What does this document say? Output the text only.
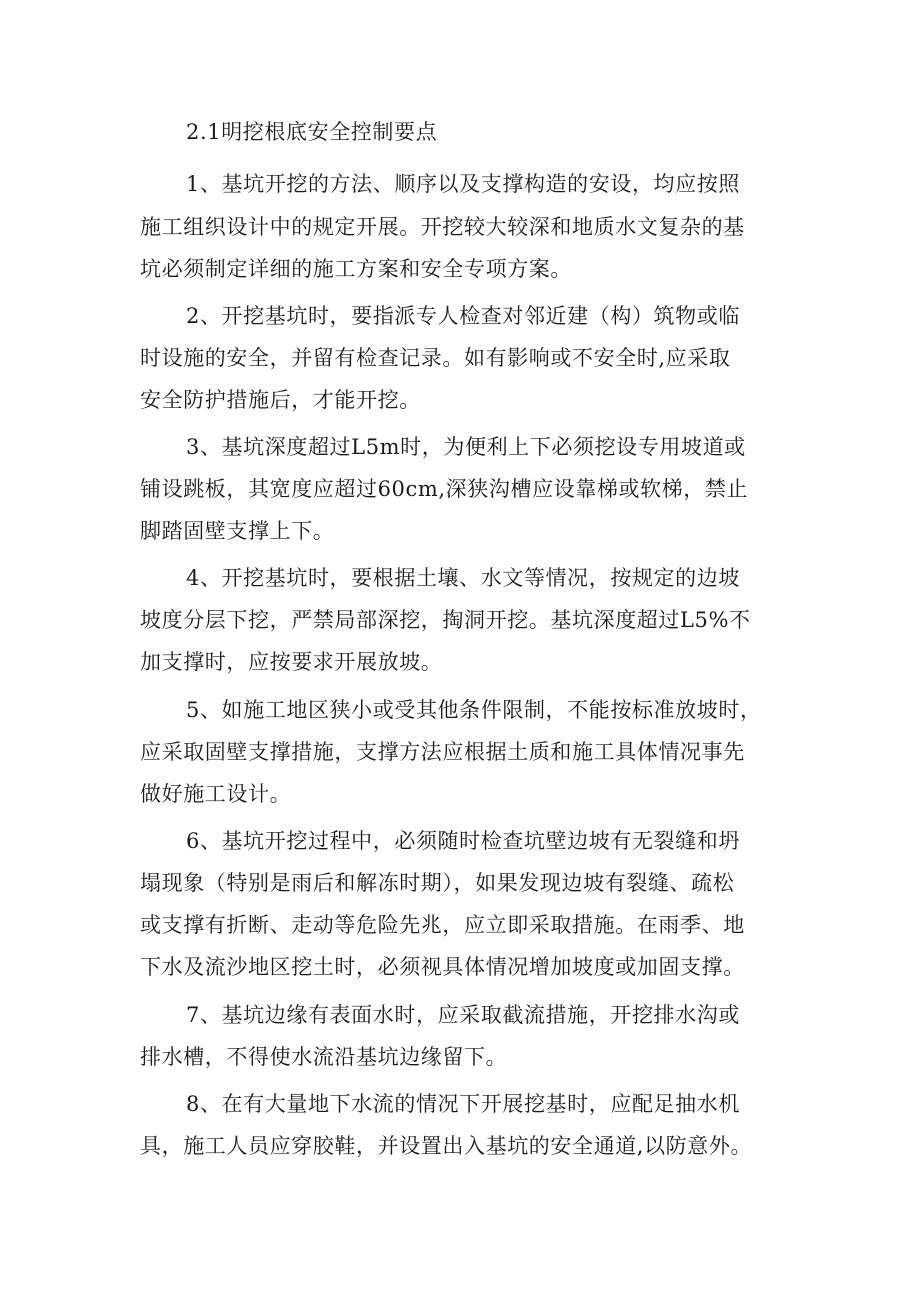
2.1明挖根底安全控制要点
1、基坑开挖的方法、顺序以及支撑构造的安设，均应按照
施工组织设计中的规定开展。开挖较大较深和地质水文复杂的基
坑必须制定详细的施工方案和安全专项方案。
2、开挖基坑时，要指派专人检查对邻近建（构）筑物或临
时设施的安全，并留有检查记录。如有影响或不安全时,应采取
安全防护措施后，才能开挖。
3、基坑深度超过L5m时，为便利上下必须挖设专用坡道或
铺设跳板，其宽度应超过60cm,深狭沟槽应设靠梯或软梯，禁止
脚踏固壁支撑上下。
4、开挖基坑时，要根据土壤、水文等情况，按规定的边坡
坡度分层下挖，严禁局部深挖，掏洞开挖。基坑深度超过L5%不
加支撑时，应按要求开展放坡。
5、如施工地区狭小或受其他条件限制，不能按标准放坡时，
应采取固壁支撑措施，支撑方法应根据土质和施工具体情况事先
做好施工设计。
6、基坑开挖过程中，必须随时检查坑壁边坡有无裂缝和坍
塌现象（特别是雨后和解冻时期），如果发现边坡有裂缝、疏松
或支撑有折断、走动等危险先兆，应立即采取措施。在雨季、地
下水及流沙地区挖土时，必须视具体情况增加坡度或加固支撑。
7、基坑边缘有表面水时，应采取截流措施，开挖排水沟或
排水槽，不得使水流沿基坑边缘留下。
8、在有大量地下水流的情况下开展挖基时，应配足抽水机
具，施工人员应穿胶鞋，并设置出入基坑的安全通道,以防意外。
